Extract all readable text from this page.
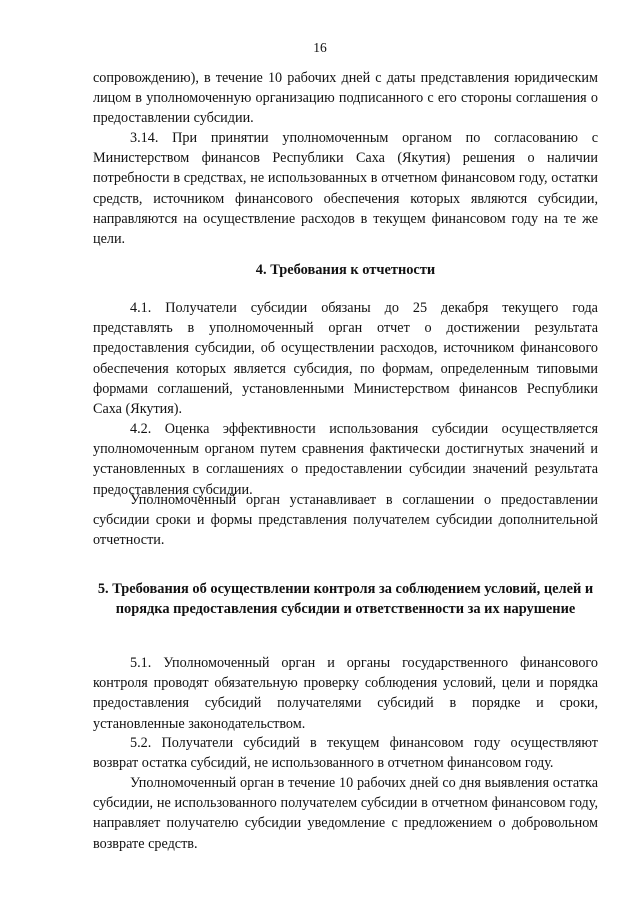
16
сопровождению), в течение 10 рабочих дней с даты представления юридическим лицом в уполномоченную организацию подписанного с его стороны соглашения о предоставлении субсидии.
3.14. При принятии уполномоченным органом по согласованию с Министерством финансов Республики Саха (Якутия) решения о наличии потребности в средствах, не использованных в отчетном финансовом году, остатки средств, источником финансового обеспечения которых являются субсидии, направляются на осуществление расходов в текущем финансовом году на те же цели.
4. Требования к отчетности
4.1. Получатели субсидии обязаны до 25 декабря текущего года представлять в уполномоченный орган отчет о достижении результата предоставления субсидии, об осуществлении расходов, источником финансового обеспечения которых является субсидия, по формам, определенным типовыми формами соглашений, установленными Министерством финансов Республики Саха (Якутия).
4.2. Оценка эффективности использования субсидии осуществляется уполномоченным органом путем сравнения фактически достигнутых значений и установленных в соглашениях о предоставлении субсидии значений результата предоставления субсидии.
Уполномоченный орган устанавливает в соглашении о предоставлении субсидии сроки и формы представления получателем субсидии дополнительной отчетности.
5. Требования об осуществлении контроля за соблюдением условий, целей и порядка предоставления субсидии и ответственности за их нарушение
5.1. Уполномоченный орган и органы государственного финансового контроля проводят обязательную проверку соблюдения условий, цели и порядка предоставления субсидий получателями субсидий в порядке и сроки, установленные законодательством.
5.2. Получатели субсидий в текущем финансовом году осуществляют возврат остатка субсидий, не использованного в отчетном финансовом году.
Уполномоченный орган в течение 10 рабочих дней со дня выявления остатка субсидии, не использованного получателем субсидии в отчетном финансовом году, направляет получателю субсидии уведомление с предложением о добровольном возврате средств.
